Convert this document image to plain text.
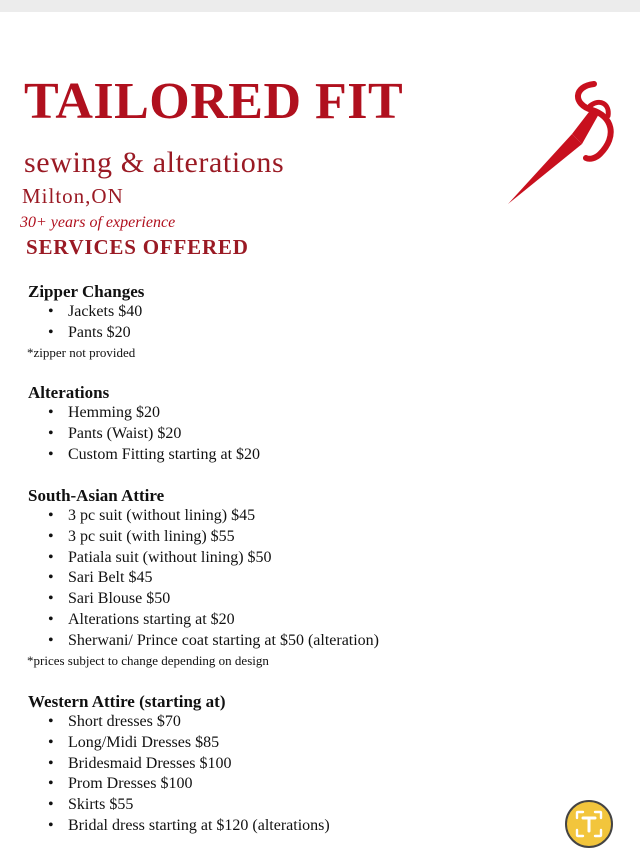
TAILORED FIT
sewing & alterations
Milton,ON
30+ years of experience
SERVICES OFFERED
Zipper Changes
• Jackets $40
• Pants $20
*zipper not provided
Alterations
• Hemming $20
• Pants (Waist) $20
• Custom Fitting starting at $20
South-Asian Attire
• 3 pc suit (without lining) $45
• 3 pc suit (with lining) $55
• Patiala suit (without lining) $50
• Sari Belt $45
• Sari Blouse $50
• Alterations starting at $20
• Sherwani/ Prince coat starting at $50 (alteration)
*prices subject to change depending on design
Western Attire (starting at)
• Short dresses $70
• Long/Midi Dresses $85
• Bridesmaid Dresses $100
• Prom Dresses $100
• Skirts $55
• Bridal dress starting at $120 (alterations)
